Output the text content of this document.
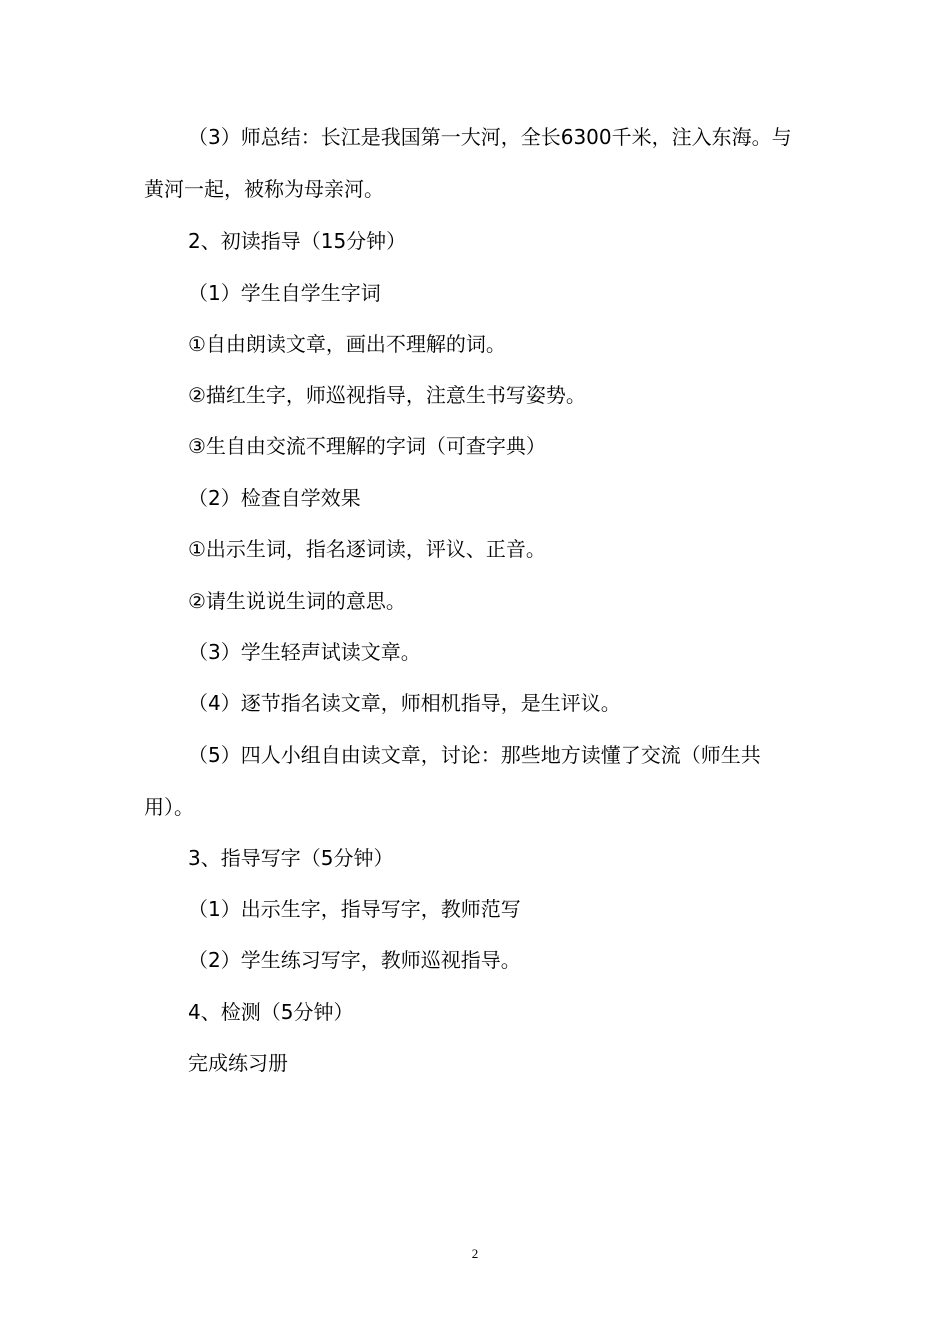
（3）师总结：长江是我国第一大河，全长6300千米，注入东海。与黄河一起，被称为母亲河。
2、初读指导（15分钟）
（1）学生自学生字词
①自由朗读文章，画出不理解的词。
②描红生字，师巡视指导，注意生书写姿势。
③生自由交流不理解的字词（可查字典）
（2）检查自学效果
①出示生词，指名逐词读，评议、正音。
②请生说说生词的意思。
（3）学生轻声试读文章。
（4）逐节指名读文章，师相机指导，是生评议。
（5）四人小组自由读文章，讨论：那些地方读懂了交流（师生共用）。
3、指导写字（5分钟）
（1）出示生字，指导写字，教师范写
（2）学生练习写字，教师巡视指导。
4、检测（5分钟）
完成练习册
2
